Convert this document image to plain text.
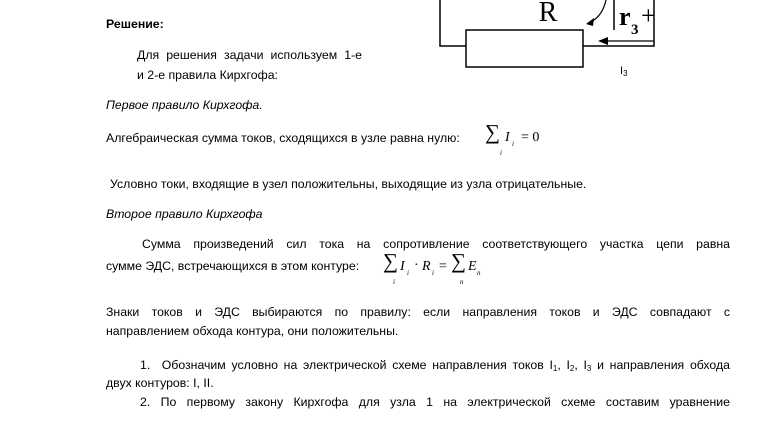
Решение:
Для решения задачи используем 1-е
и 2-е правила Кирхгофа:
R r 3 +
I3
Первое правило Кирхгофа.
Алгебраическая сумма токов, сходящихся в узле равна нулю: ∑
i
I i = 0
Условно токи, входящие в узел положительны, выходящие из узла отрицательные.
Второе правило Кирхгофа
Сумма произведений сил тока на сопротивление соответствующего участка цепи равна
сумме ЭДС, встречающихся в этом контуре: ∑
i
I i · R i = ∑
n
E n
Знаки токов и ЭДС выбираются по правилу: если направления токов и ЭДС совпадают с
направлением обхода контура, они положительны.
1. Обозначим условно на электрической схеме направления токов I1, I2, I3 и направления обхода
двух контуров: I, II.
2. По первому закону Кирхгофа для узла 1 на электрической схеме составим уравнение
